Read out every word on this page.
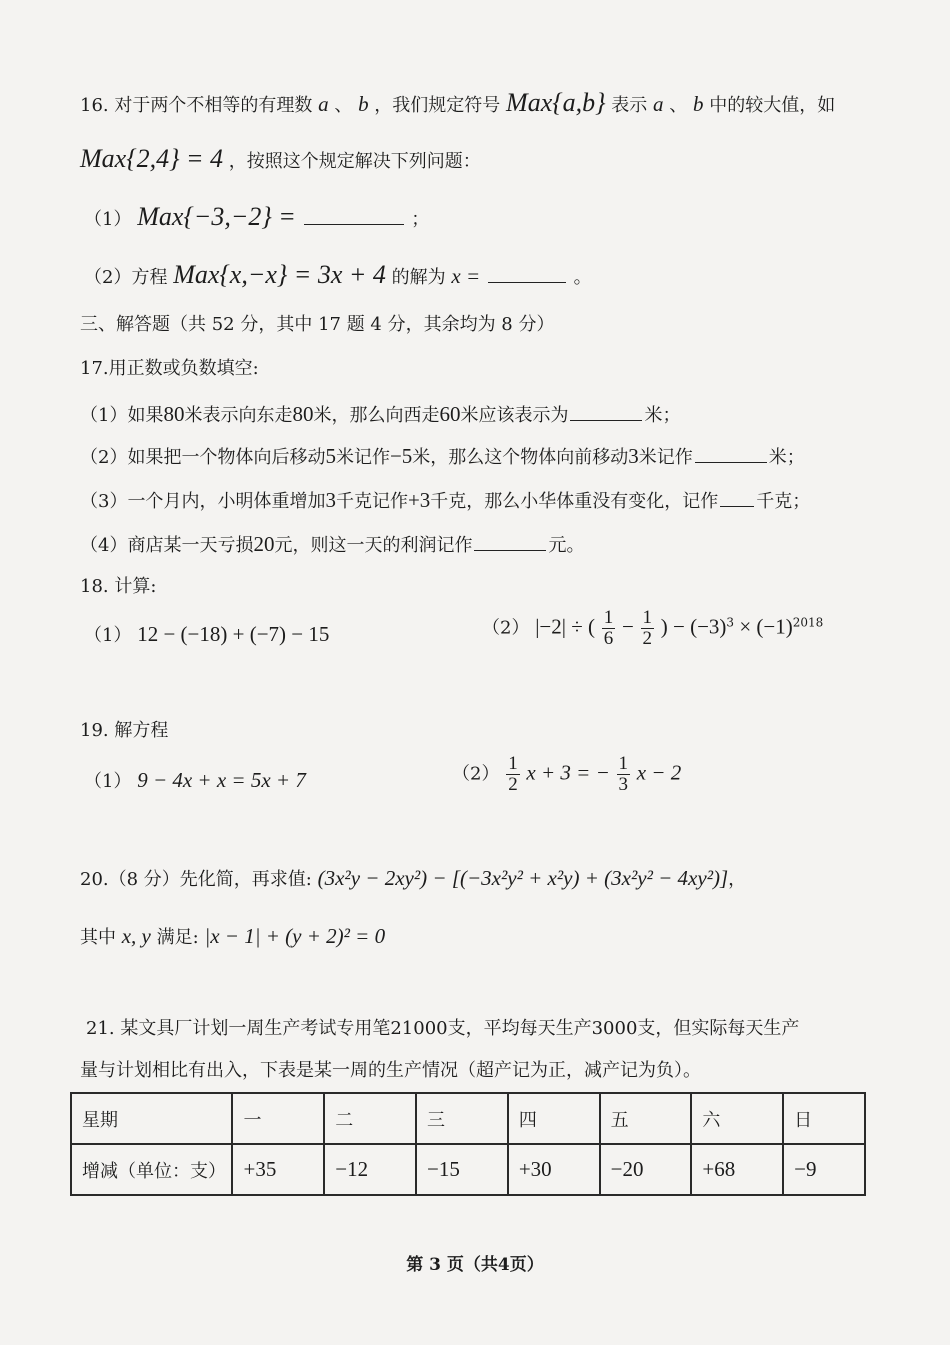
16. 对于两个不相等的有理数 a 、 b ，我们规定符号 Max{a,b} 表示 a 、 b 中的较大值，如
Max{2,4} = 4 ，按照这个规定解决下列问题：
（1） Max{−3,−2} =	；
（2）方程 Max{x,−x} = 3x + 4 的解为 x =	。
三、解答题（共 52 分，其中 17 题 4 分，其余均为 8 分）
17.用正数或负数填空:
（1）如果80米表示向东走80米，那么向西走60米应该表示为	米；
（2）如果把一个物体向后移动5米记作−5米，那么这个物体向前移动3米记作	米；
（3）一个月内，小明体重增加3千克记作+3千克，那么小华体重没有变化，记作 千克；
（4）商店某一天亏损20元，则这一天的利润记作	元。
18. 计算:
（1） 12 − (−18) + (−7) − 15	（2） |−2| ÷ ( $\frac{1}{6} - \frac{1}{2}$ ) − $(-3)^3 \times (-1)^{2018}$
19. 解方程
（1） 9 − 4x + x = 5x + 7	$(2) \frac{1}{2}$ x + 3 = − $\frac{1}{3}$ x − 2
20.（8 分）先化简，再求值: (3x²y − 2xy²) − [(−3x²y² + x²y) + (3x²y² − 4xy²)]，
其中 x, y 满足: |x − 1| + (y + 2)² = 0
21. 某文具厂计划一周生产考试专用笔21000支，平均每天生产3000支，但实际每天生产
量与计划相比有出入，下表是某一周的生产情况（超产记为正，减产记为负）。
星期	一	二	三	四	五	六	日
增减（单位：支）	+35	−12	−15	+30	−20	+68	−9
第 3 页（共4页）
